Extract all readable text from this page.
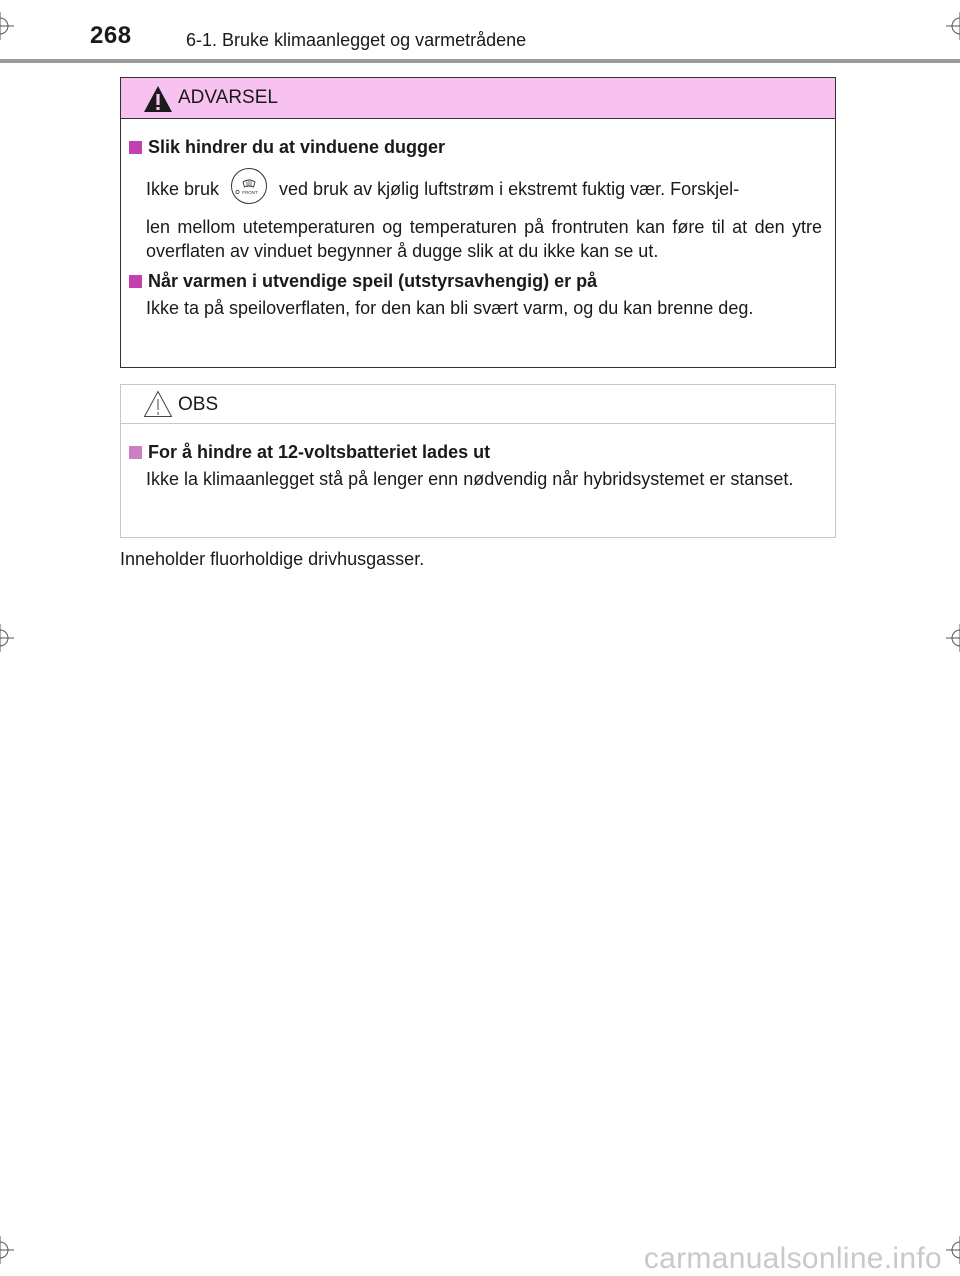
268	6-1. Bruke klimaanlegget og varmetrådene
ADVARSEL
Slik hindrer du at vinduene dugger
Ikke bruk	FRONT ved bruk av kjølig luftstrøm i ekstremt fuktig vær. Forskjel-
len mellom utetemperaturen og temperaturen på frontruten kan føre til at den ytre overflaten av vinduet begynner å dugge slik at du ikke kan se ut.
Når varmen i utvendige speil (utstyrsavhengig) er på
Ikke ta på speiloverflaten, for den kan bli svært varm, og du kan brenne deg.
OBS
For å hindre at 12-voltsbatteriet lades ut
Ikke la klimaanlegget stå på lenger enn nødvendig når hybridsystemet er stanset.
Inneholder fluorholdige drivhusgasser.
carmanualsonline.info
